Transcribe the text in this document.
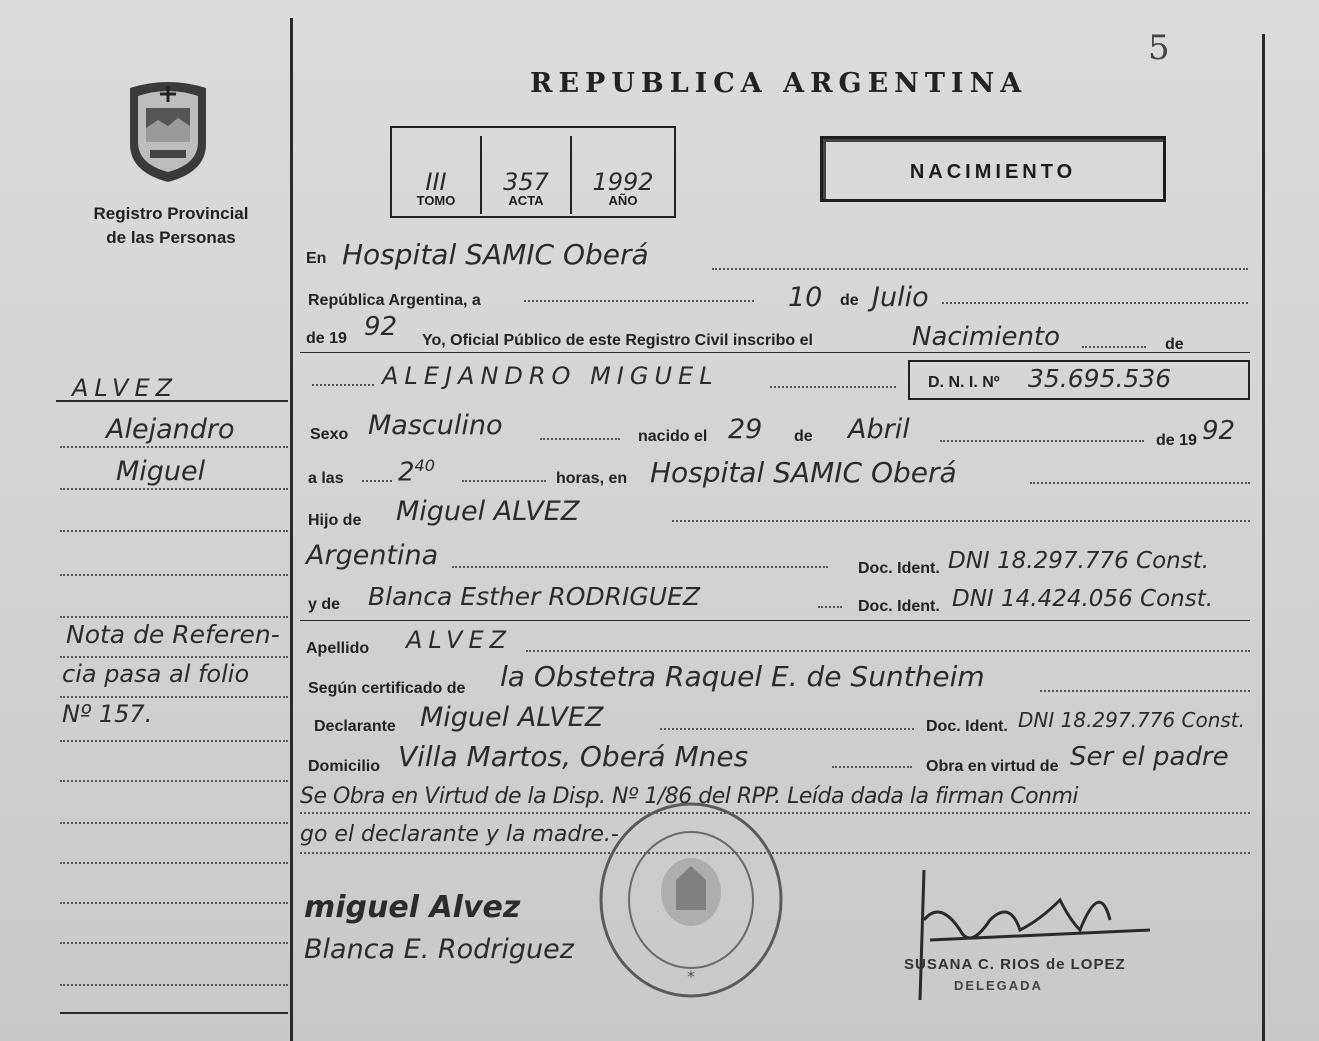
5
REPUBLICA ARGENTINA
Registro Provincial
de las Personas
III
TOMO
357
ACTA
1992
AÑO
NACIMIENTO
ALVEZ
Alejandro
Miguel
Nota de Referen-
cia pasa al folio
Nº 157.
En Hospital SAMIC Oberá
República Argentina, a	10 de Julio
de 19 92 Yo, Oficial Público de este Registro Civil inscribo el	Nacimiento	de
ALEJANDRO MIGUEL	D. N. I. Nº 35.695.536
Sexo Masculino	nacido el 29 de Abril	de 19 92
a las $2^{40}$
horas, en Hospital SAMIC Oberá
Hijo de Miguel ALVEZ
Argentina	Doc. Ident. DNI 18.297.776 Const.
y de Blanca Esther RODRIGUEZ	Doc. Ident. DNI 14.424.056 Const.
Apellido ALVEZ
Según certificado de la Obstetra Raquel E. de Suntheim
Declarante Miguel ALVEZ	Doc. Ident. DNI 18.297.776 Const.
Domicilio Villa Martos, Oberá Mnes	Obra en virtud de Ser el padre
Se Obra en Virtud de la Disp. Nº 1/86 del RPP. Leída dada la firman Conmi
go el declarante y la madre.-
*
miguel Alvez
Blanca E. Rodriguez	SUSANA C. RIOS de LOPEZ
DELEGADA
